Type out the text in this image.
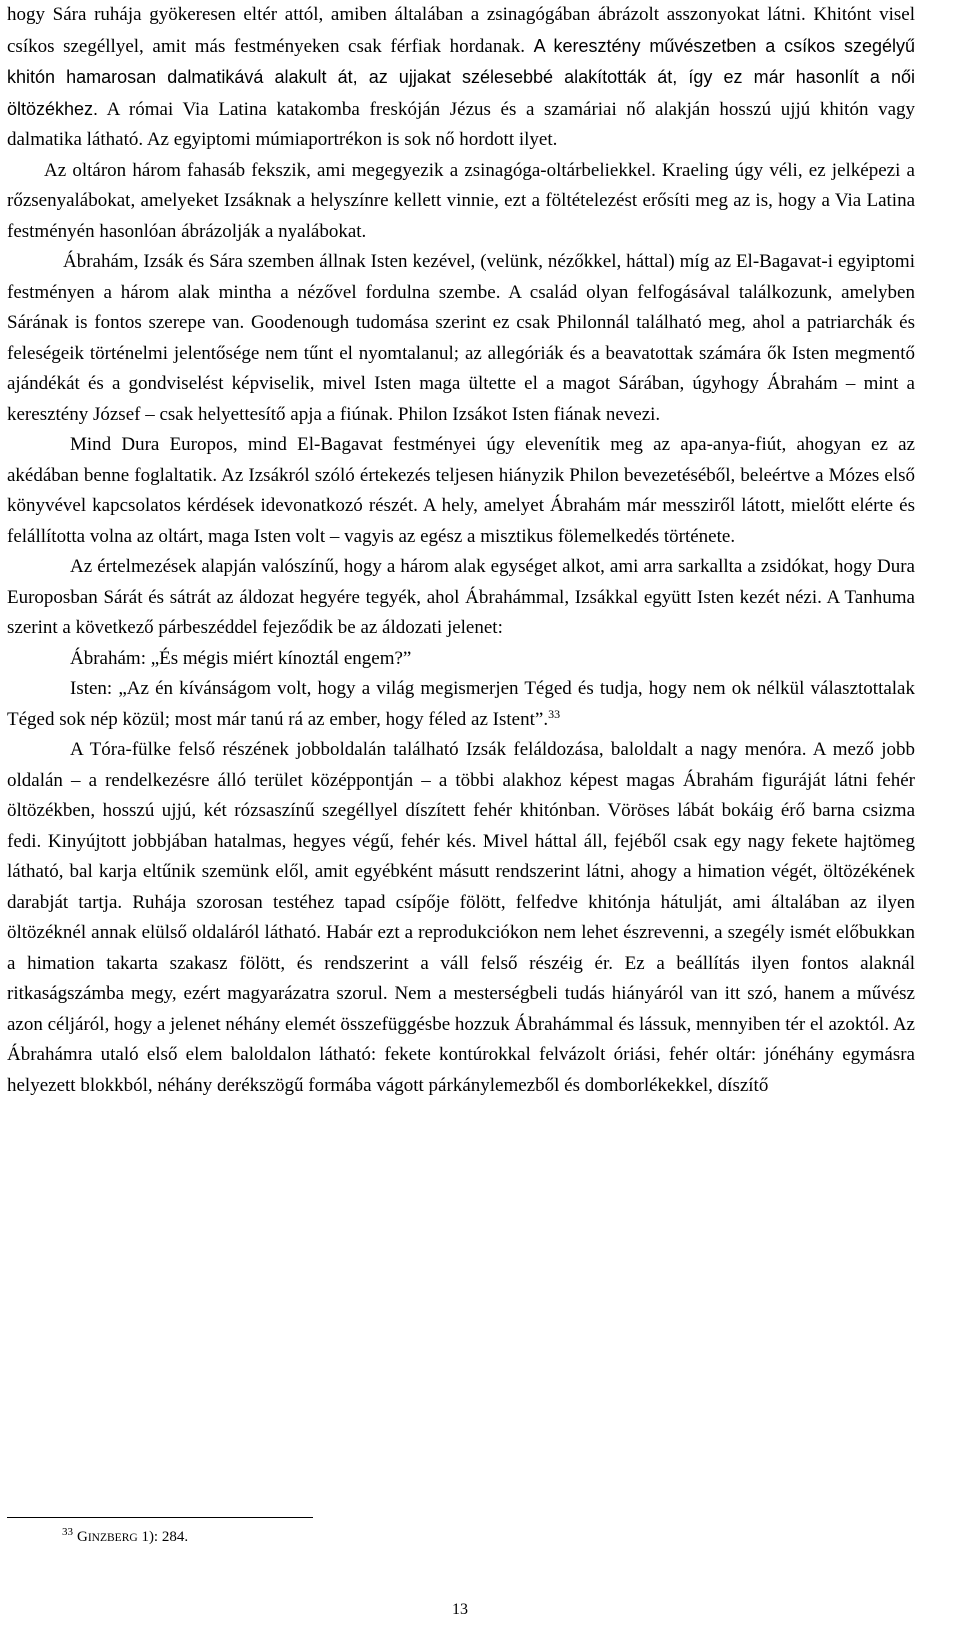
hogy Sára ruhája gyökeresen eltér attól, amiben általában a zsinagógában ábrázolt asszonyokat látni. Khitónt visel csíkos szegéllyel, amit más festményeken csak férfiak hordanak. A keresztény művészetben a csíkos szegélyű khitón hamarosan dalmatikává alakult át, az ujjakat szélesebbé alakították át, így ez már hasonlít a női öltözékhez. A római Via Latina katakomba freskóján Jézus és a szamáriai nő alakján hosszú ujjú khitón vagy dalmatika látható. Az egyiptomi múmiaportrékon is sok nő hordott ilyet.

Az oltáron három fahasáb fekszik, ami megegyezik a zsinagóga-oltárbeliekkel. Kraeling úgy véli, ez jelképezi a rőzsenyalábokat, amelyeket Izsáknak a helyszínre kellett vinnie, ezt a föltételezést erősíti meg az is, hogy a Via Latina festményén hasonlóan ábrázolják a nyalábokat.

Ábrahám, Izsák és Sára szemben állnak Isten kezével, (velünk, nézőkkel, háttal) míg az El-Bagavat-i egyiptomi festményen a három alak mintha a nézővel fordulna szembe. A család olyan felfogásával találkozunk, amelyben Sárának is fontos szerepe van. Goodenough tudomása szerint ez csak Philonnál található meg, ahol a patriarchák és feleségeik történelmi jelentősége nem tűnt el nyomtalanul; az allegóriák és a beavatottak számára ők Isten megmentő ajándékát és a gondviselést képviselik, mivel Isten maga ültette el a magot Sárában, úgyhogy Ábrahám – mint a keresztény József – csak helyettesítő apja a fiúnak. Philon Izsákot Isten fiának nevezi.

Mind Dura Europos, mind El-Bagavat festményei úgy elevenítik meg az apa-anya-fiút, ahogyan ez az akédában benne foglaltatik. Az Izsákról szóló értekezés teljesen hiányzik Philon bevezetéséből, beleértve a Mózes első könyvével kapcsolatos kérdések idevonatkozó részét. A hely, amelyet Ábrahám már messziről látott, mielőtt elérte és felállította volna az oltárt, maga Isten volt – vagyis az egész a misztikus fölemelkedés története.

Az értelmezések alapján valószínű, hogy a három alak egységet alkot, ami arra sarkallta a zsidókat, hogy Dura Europosban Sárát és sátrát az áldozat hegyére tegyék, ahol Ábrahámmal, Izsákkal együtt Isten kezét nézi. A Tanhuma szerint a következő párbeszéddel fejeződik be az áldozati jelenet:

Ábrahám: „És mégis miért kínoztál engem?”

Isten: „Az én kívánságom volt, hogy a világ megismerjen Téged és tudja, hogy nem ok nélkül választottalak Téged sok nép közül; most már tanú rá az ember, hogy féled az Istent”.$^{33}$

A Tóra-fülke felső részének jobboldalán található Izsák feláldozása, baloldalt a nagy menóra. A mező jobb oldalán – a rendelkezésre álló terület középpontján – a többi alakhoz képest magas Ábrahám figuráját látni fehér öltözékben, hosszú ujjú, két rózsaszínű szegéllyel díszített fehér khitónban. Vöröses lábát bokáig érő barna csizma fedi. Kinyújtott jobbjában hatalmas, hegyes végű, fehér kés. Mivel háttal áll, fejéből csak egy nagy fekete hajtömeg látható, bal karja eltűnik szemünk elől, amit egyébként másutt rendszerint látni, ahogy a himation végét, öltözékének darabját tartja. Ruhája szorosan testéhez tapad csípője fölött, felfedve khitónja hátulját, ami általában az ilyen öltözéknél annak elülső oldaláról látható. Habár ezt a reprodukciókon nem lehet észrevenni, a szegély ismét előbukkan a himation takarta szakasz fölött, és rendszerint a váll felső részéig ér. Ez a beállítás ilyen fontos alaknál ritkaságszámba megy, ezért magyarázatra szorul. Nem a mesterségbeli tudás hiányáról van itt szó, hanem a művész azon céljáról, hogy a jelenet néhány elemét összefüggésbe hozzuk Ábrahámmal és lássuk, mennyiben tér el azoktól. Az Ábrahámra utaló első elem baloldalon látható: fekete kontúrokkal felvázolt óriási, fehér oltár: jónéhány egymásra helyezett blokkból, néhány derékszögű formába vágott párkánylemezből és domborlékekkel, díszítő

$^{33}$ GINZBERG 1): 284.
13
